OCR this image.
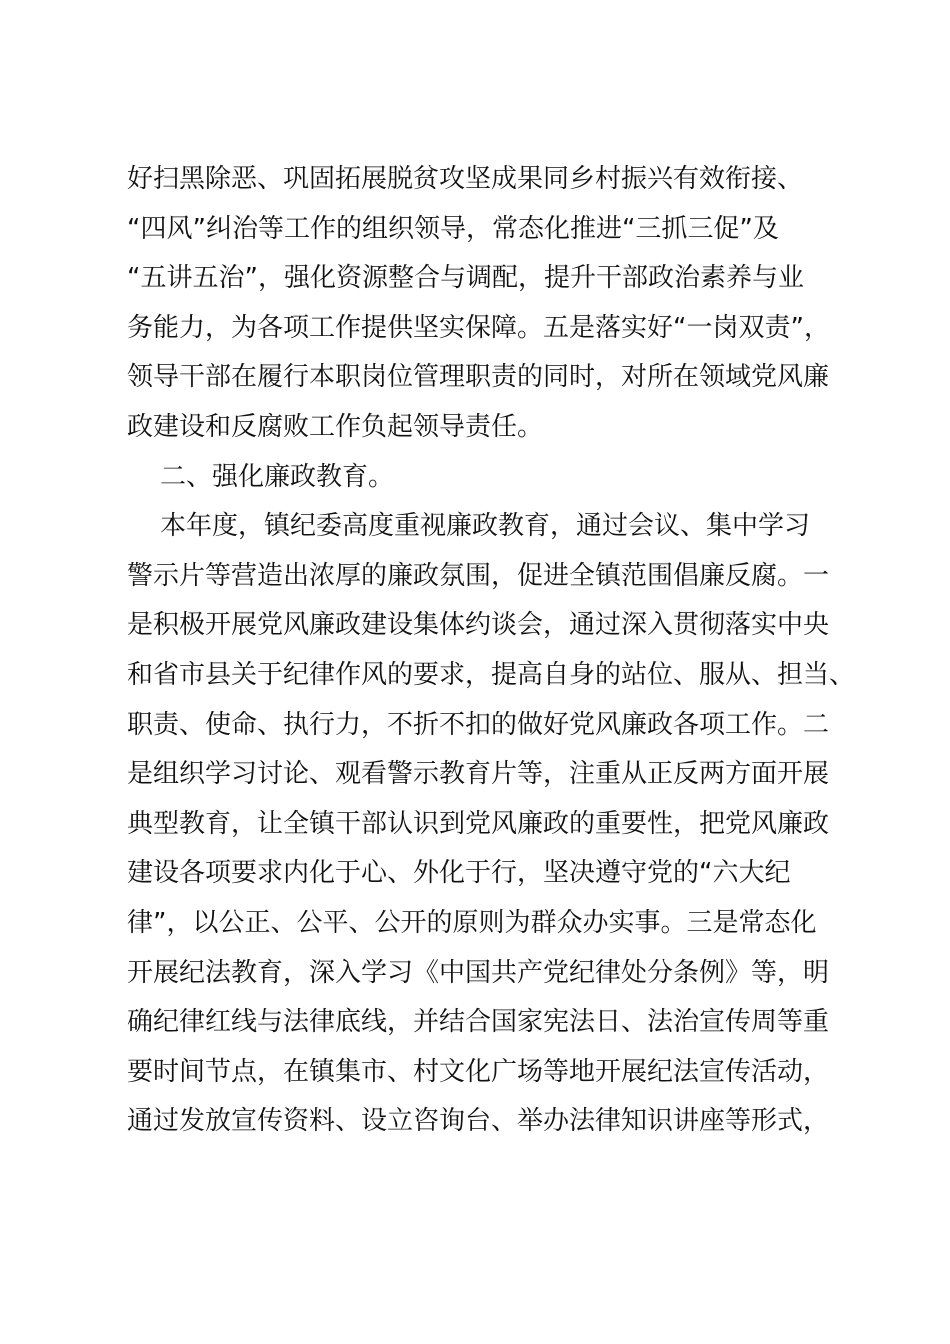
好扫黑除恶、巩固拓展脱贫攻坚成果同乡村振兴有效衔接、
“四风”纠治等工作的组织领导，常态化推进“三抓三促”及
“五讲五治”，强化资源整合与调配，提升干部政治素养与业
务能力，为各项工作提供坚实保障。五是落实好“一岗双责”，
领导干部在履行本职岗位管理职责的同时，对所在领域党风廉
政建设和反腐败工作负起领导责任。
二、强化廉政教育。
本年度，镇纪委高度重视廉政教育，通过会议、集中学习
警示片等营造出浓厚的廉政氛围，促进全镇范围倡廉反腐。一
是积极开展党风廉政建设集体约谈会，通过深入贯彻落实中央
和省市县关于纪律作风的要求，提高自身的站位、服从、担当、
职责、使命、执行力，不折不扣的做好党风廉政各项工作。二
是组织学习讨论、观看警示教育片等，注重从正反两方面开展
典型教育，让全镇干部认识到党风廉政的重要性，把党风廉政
建设各项要求内化于心、外化于行，坚决遵守党的“六大纪
律”，以公正、公平、公开的原则为群众办实事。三是常态化
开展纪法教育，深入学习《中国共产党纪律处分条例》等，明
确纪律红线与法律底线，并结合国家宪法日、法治宣传周等重
要时间节点，在镇集市、村文化广场等地开展纪法宣传活动，
通过发放宣传资料、设立咨询台、举办法律知识讲座等形式，
